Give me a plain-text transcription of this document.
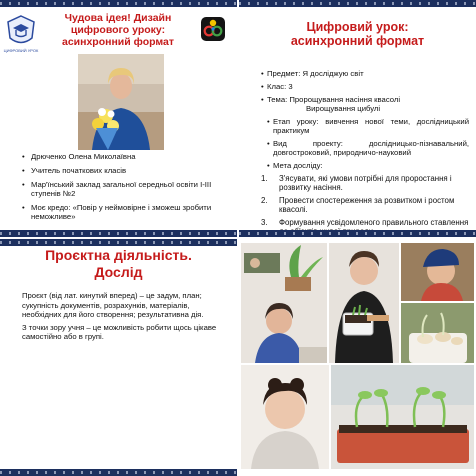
ЦИФРОВИЙ УРОК
Чудова ідея! Дизайн цифрового уроку: асинхронний формат
• Дрюченко Олена Миколаївна
• Учитель початкових класів
• Мар'їнський заклад загальної середньої освіти І-ІІІ ступенів №2
• Моє кредо: «Повір у неймовірне і зможеш зробити неможливе»
Цифровий урок:
асинхронний формат
• Предмет: Я досліджую світ
• Клас: 3
• Тема: Пророщування насіння квасолі
Вирощування цибулі
• Етап уроку: вивчення нової теми, дослідницький практикум
• Вид проекту: дослідницько-пізнавальний, довгостроковий, природничо-науковий
• Мета досліду:
1. З'ясувати, які умови потрібні для проростання і розвитку насіння.
2. Провести спостереження за розвитком і ростом квасолі.
3. Формування усвідомленого правильного ставлення
Проєктна діяльність.
Дослід

Проєкт (від лат. кинутий вперед) – це задум, план; сукупність документів, розрахунків, матеріалів, необхідних для його створення; результативна дія.

З точки зору учня – це можливість робити щось цікаве самостійно або в групі.
